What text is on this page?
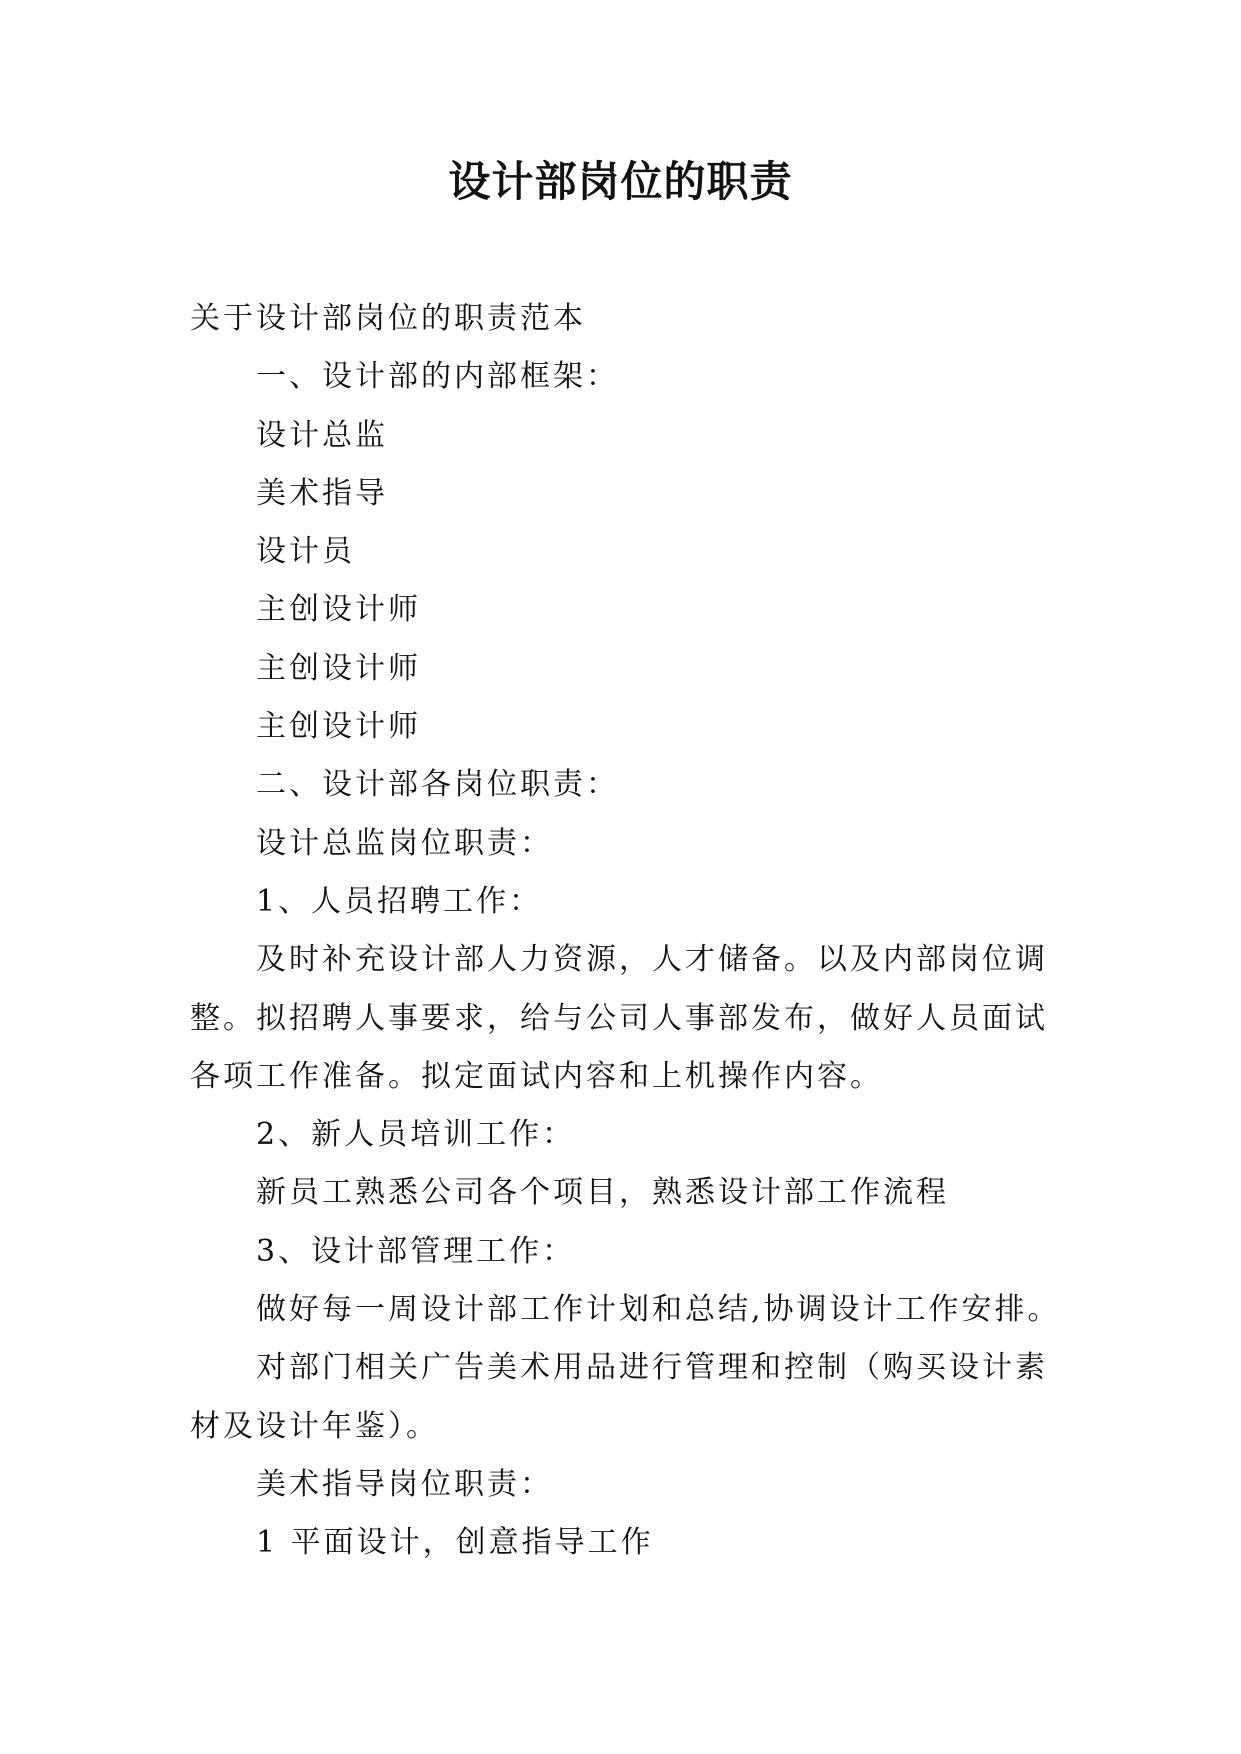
设计部岗位的职责
关于设计部岗位的职责范本
一、设计部的内部框架：
设计总监
美术指导
设计员
主创设计师
主创设计师
主创设计师
二、设计部各岗位职责：
设计总监岗位职责：
1、人员招聘工作：
及时补充设计部人力资源，人才储备。以及内部岗位调
整。拟招聘人事要求，给与公司人事部发布，做好人员面试
各项工作准备。拟定面试内容和上机操作内容。
2、新人员培训工作：
新员工熟悉公司各个项目，熟悉设计部工作流程
3、设计部管理工作：
做好每一周设计部工作计划和总结,协调设计工作安排。
对部门相关广告美术用品进行管理和控制（购买设计素
材及设计年鉴）。
美术指导岗位职责：
1 平面设计，创意指导工作
